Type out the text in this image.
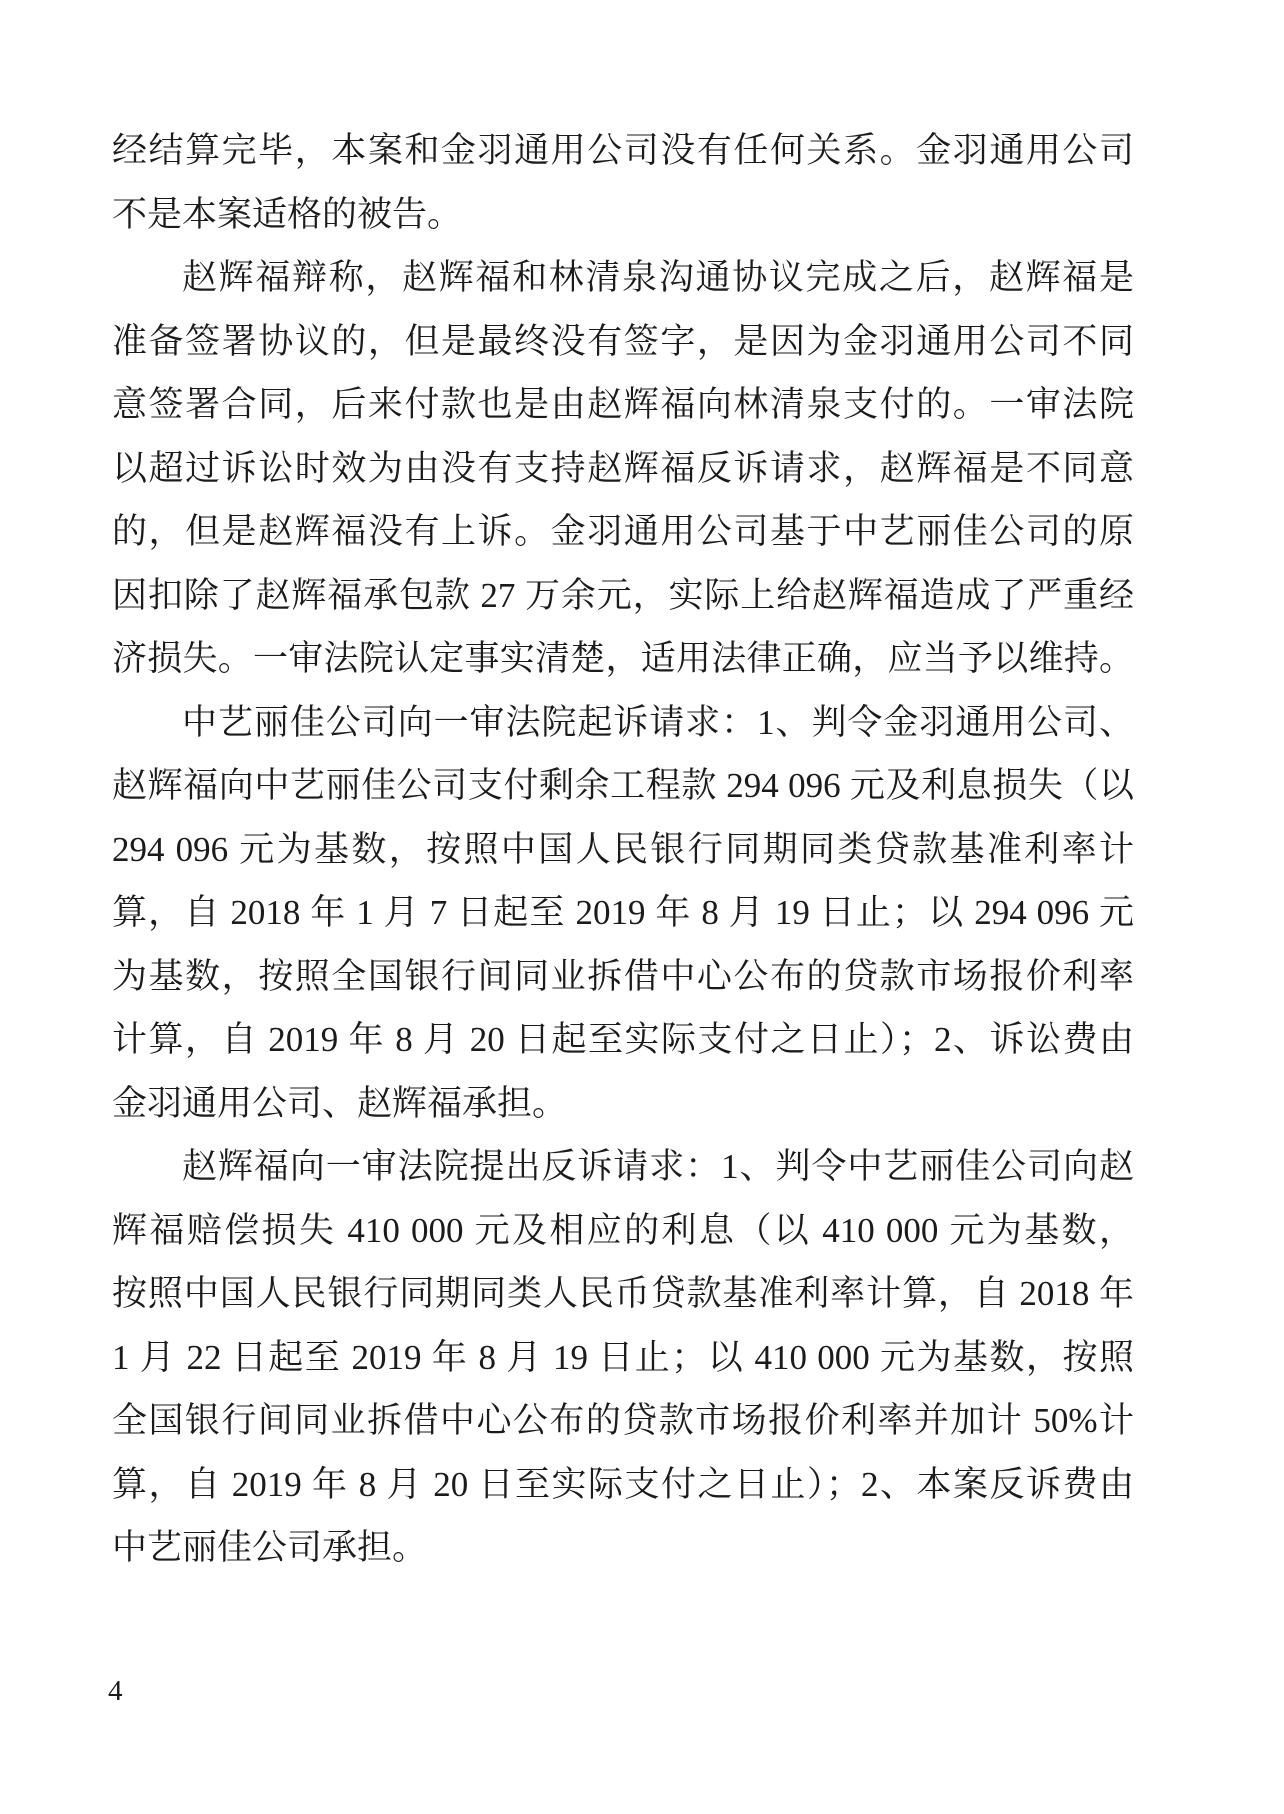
经结算完毕，本案和金羽通用公司没有任何关系。金羽通用公司

不是本案适格的被告。

赵辉福辩称，赵辉福和林清泉沟通协议完成之后，赵辉福是

准备签署协议的，但是最终没有签字，是因为金羽通用公司不同

意签署合同，后来付款也是由赵辉福向林清泉支付的。一审法院

以超过诉讼时效为由没有支持赵辉福反诉请求，赵辉福是不同意

的，但是赵辉福没有上诉。金羽通用公司基于中艺丽佳公司的原

因扣除了赵辉福承包款 27 万余元，实际上给赵辉福造成了严重经

济损失。一审法院认定事实清楚，适用法律正确，应当予以维持。

中艺丽佳公司向一审法院起诉请求：1、判令金羽通用公司、

赵辉福向中艺丽佳公司支付剩余工程款 294 096 元及利息损失（以

294 096 元为基数，按照中国人民银行同期同类贷款基准利率计

算，自 2018 年 1 月 7 日起至 2019 年 8 月 19 日止；以 294 096 元

为基数，按照全国银行间同业拆借中心公布的贷款市场报价利率

计算，自 2019 年 8 月 20 日起至实际支付之日止）；2、诉讼费由

金羽通用公司、赵辉福承担。

赵辉福向一审法院提出反诉请求：1、判令中艺丽佳公司向赵

辉福赔偿损失 410 000 元及相应的利息（以 410 000 元为基数，

按照中国人民银行同期同类人民币贷款基准利率计算，自 2018 年

1 月 22 日起至 2019 年 8 月 19 日止；以 410 000 元为基数，按照

全国银行间同业拆借中心公布的贷款市场报价利率并加计 50%计

算，自 2019 年 8 月 20 日至实际支付之日止）；2、本案反诉费由

中艺丽佳公司承担。

4
